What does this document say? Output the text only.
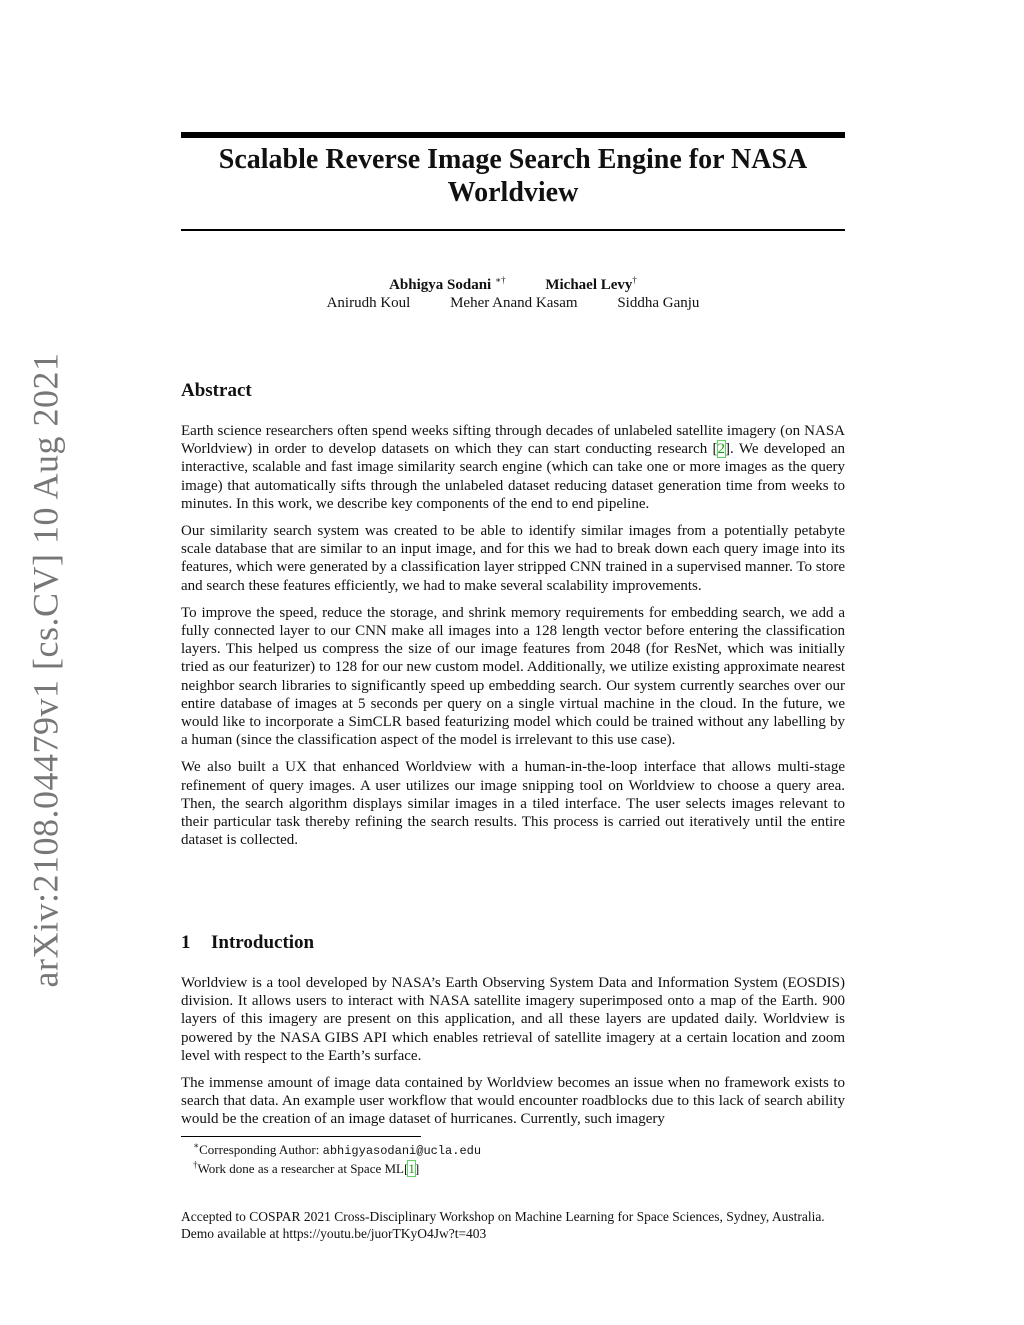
arXiv:2108.04479v1 [cs.CV] 10 Aug 2021
Scalable Reverse Image Search Engine for NASA Worldview
Abhigya Sodani ∗†	Michael Levy†
Anirudh Koul	Meher Anand Kasam	Siddha Ganju
Abstract

Earth science researchers often spend weeks sifting through decades of unlabeled satellite imagery (on NASA Worldview) in order to develop datasets on which they can start conducting research [2]. We developed an interactive, scalable and fast image similarity search engine (which can take one or more images as the query image) that automatically sifts through the unlabeled dataset reducing dataset generation time from weeks to minutes. In this work, we describe key components of the end to end pipeline.

Our similarity search system was created to be able to identify similar images from a potentially petabyte scale database that are similar to an input image, and for this we had to break down each query image into its features, which were generated by a classification layer stripped CNN trained in a supervised manner. To store and search these features efficiently, we had to make several scalability improvements.

To improve the speed, reduce the storage, and shrink memory requirements for embedding search, we add a fully connected layer to our CNN make all images into a 128 length vector before entering the classification layers. This helped us compress the size of our image features from 2048 (for ResNet, which was initially tried as our featurizer) to 128 for our new custom model. Additionally, we utilize existing approximate nearest neighbor search libraries to significantly speed up embedding search. Our system currently searches over our entire database of images at 5 seconds per query on a single virtual machine in the cloud. In the future, we would like to incorporate a SimCLR based featurizing model which could be trained without any labelling by a human (since the classification aspect of the model is irrelevant to this use case).

We also built a UX that enhanced Worldview with a human-in-the-loop interface that allows multi-stage refinement of query images. A user utilizes our image snipping tool on Worldview to choose a query area. Then, the search algorithm displays similar images in a tiled interface. The user selects images relevant to their particular task thereby refining the search results. This process is carried out iteratively until the entire dataset is collected.

1 Introduction

Worldview is a tool developed by NASA’s Earth Observing System Data and Information System (EOSDIS) division. It allows users to interact with NASA satellite imagery superimposed onto a map of the Earth. 900 layers of this imagery are present on this application, and all these layers are updated daily. Worldview is powered by the NASA GIBS API which enables retrieval of satellite imagery at a certain location and zoom level with respect to the Earth’s surface.

The immense amount of image data contained by Worldview becomes an issue when no framework exists to search that data. An example user workflow that would encounter roadblocks due to this lack of search ability would be the creation of an image dataset of hurricanes. Currently, such imagery

∗Corresponding Author: abhigyasodani@ucla.edu
†Work done as a researcher at Space ML[1]
Accepted to COSPAR 2021 Cross-Disciplinary Workshop on Machine Learning for Space Sciences, Sydney, Australia. Demo available at https://youtu.be/juorTKyO4Jw?t=403
